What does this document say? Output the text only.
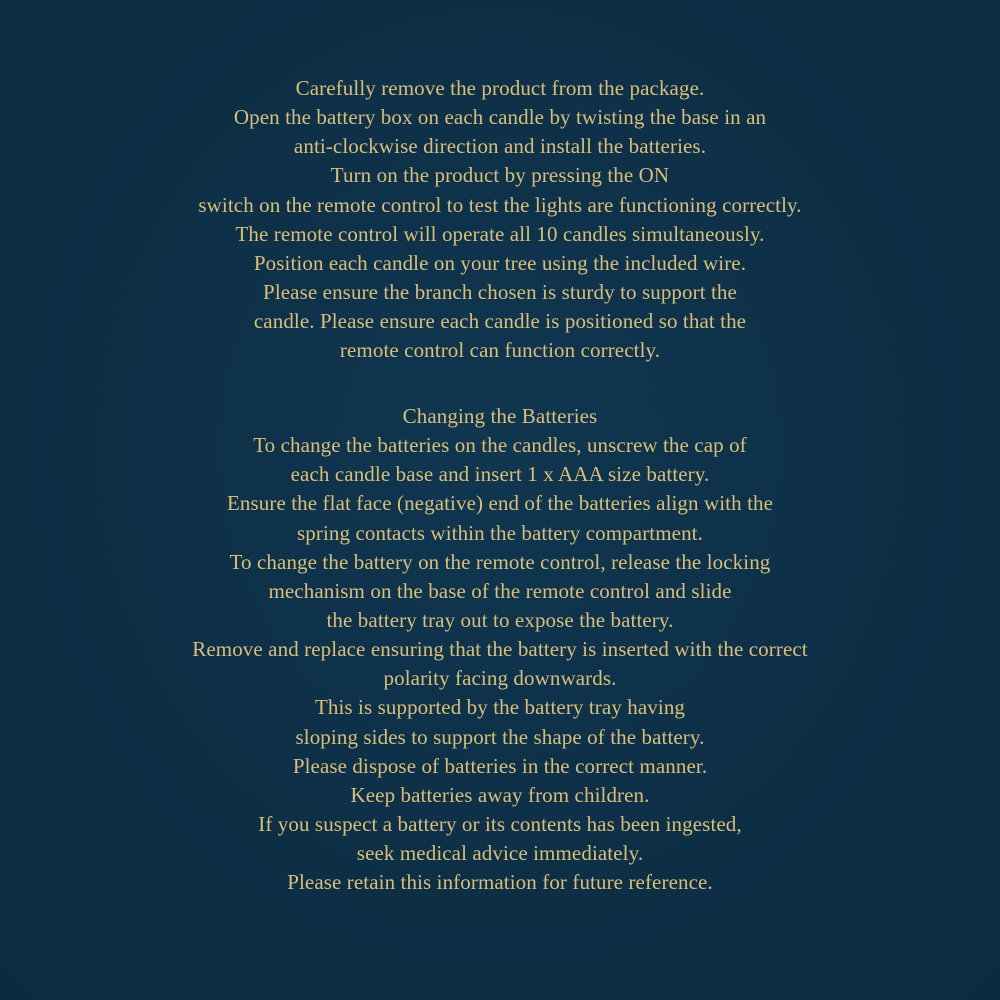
Carefully remove the product from the package.
Open the battery box on each candle by twisting the base in an
anti-clockwise direction and install the batteries.
Turn on the product by pressing the ON
switch on the remote control to test the lights are functioning correctly.
The remote control will operate all 10 candles simultaneously.
Position each candle on your tree using the included wire.
Please ensure the branch chosen is sturdy to support the
candle. Please ensure each candle is positioned so that the
remote control can function correctly.
Changing the Batteries
To change the batteries on the candles, unscrew the cap of
each candle base and insert 1 x AAA size battery.
Ensure the flat face (negative) end of the batteries align with the
spring contacts within the battery compartment.
To change the battery on the remote control, release the locking
mechanism on the base of the remote control and slide
the battery tray out to expose the battery.
Remove and replace ensuring that the battery is inserted with the correct
polarity facing downwards.
This is supported by the battery tray having
sloping sides to support the shape of the battery.
Please dispose of batteries in the correct manner.
Keep batteries away from children.
If you suspect a battery or its contents has been ingested,
seek medical advice immediately.
Please retain this information for future reference.
